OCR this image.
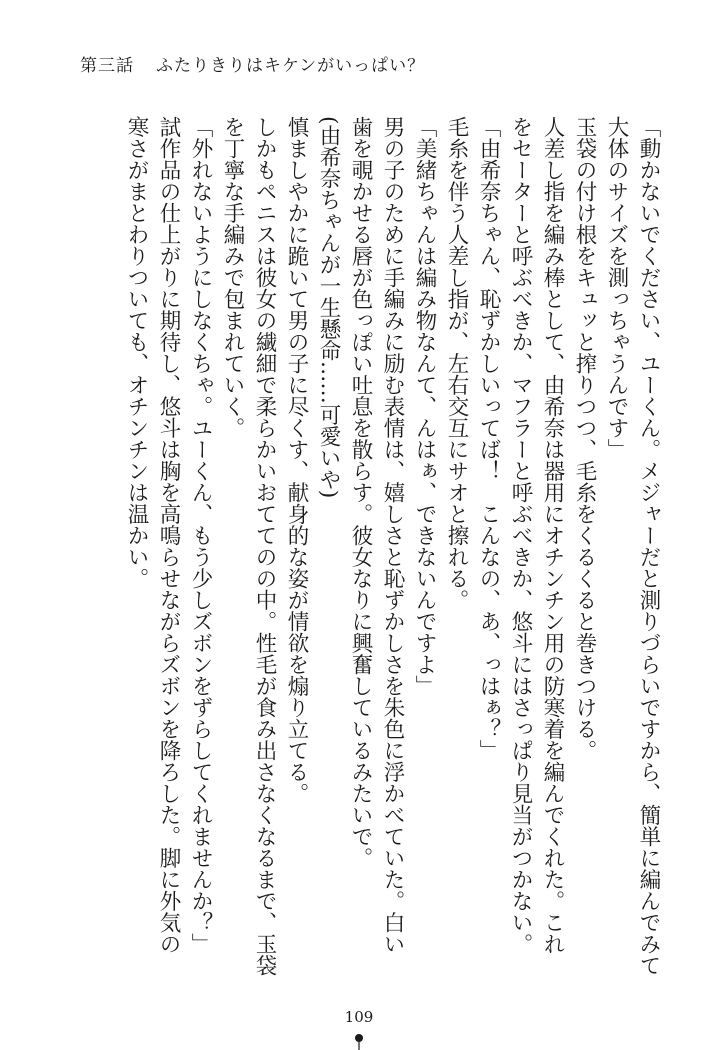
第三話 ふたりきりはキケンがいっぱい？

「動かないでください、ユーくん。メジャーだと測りづらいですから、簡単に編んでみて

大体のサイズを測っちゃうんです」

玉袋の付け根をキュッと搾りつつ、毛糸をくるくると巻きつける。

人差し指を編み棒として、由希奈は器用にオチンチン用の防寒着を編んでくれた。これ

をセーターと呼ぶべきか、マフラーと呼ぶべきか、悠斗にはさっぱり見当がつかない。

「由希奈ちゃん、恥ずかしいってば！　こんなの、あ、っはぁ？」

毛糸を伴う人差し指が、左右交互にサオと擦れる。

「美緒ちゃんは編み物なんて、んはぁ、できないんですよ」

男の子のために手編みに励む表情は、嬉しさと恥ずかしさを朱色に浮かべていた。白い

歯を覗かせる唇が色っぽい吐息を散らす。彼女なりに興奮しているみたいで。

(由希奈ちゃんが一生懸命……可愛いや)

慎ましやかに跪いて男の子に尽くす、献身的な姿が情欲を煽り立てる。

しかもペニスは彼女の繊細で柔らかいおててのの中。性毛が食み出さなくなるまで、玉袋

を丁寧な手編みで包まれていく。

「外れないようにしなくちゃ。ユーくん、もう少しズボンをずらしてくれませんか？」

試作品の仕上がりに期待し、悠斗は胸を高鳴らせながらズボンを降ろした。脚に外気の

寒さがまとわりついても、オチンチンは温かい。

109
